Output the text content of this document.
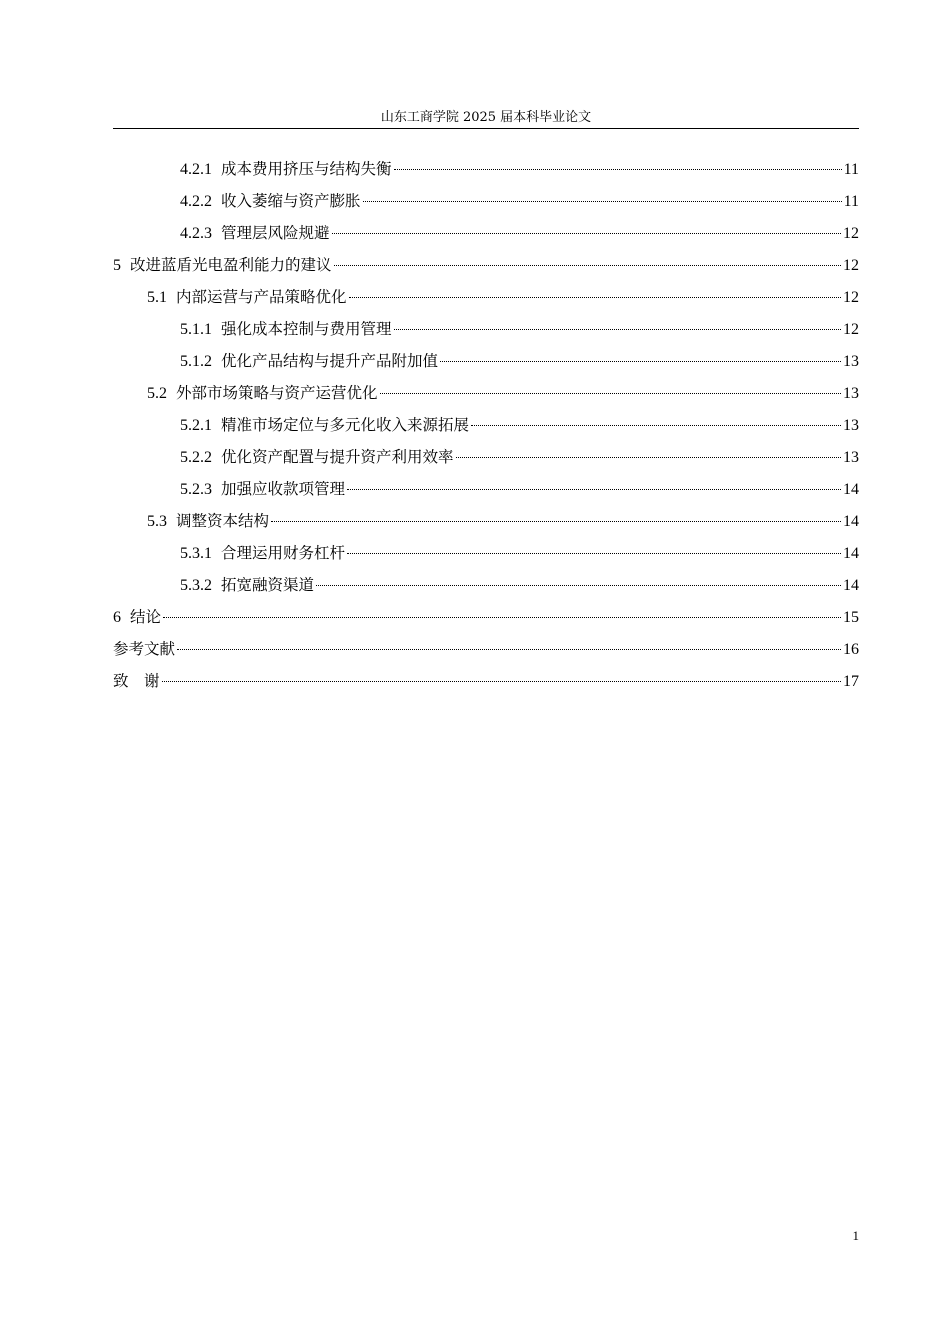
山东工商学院 2025 届本科毕业论文
4.2.1 成本费用挤压与结构失衡	11
4.2.2 收入萎缩与资产膨胀	11
4.2.3 管理层风险规避	12
5 改进蓝盾光电盈利能力的建议	12
5.1 内部运营与产品策略优化	12
5.1.1 强化成本控制与费用管理	12
5.1.2 优化产品结构与提升产品附加值	13
5.2 外部市场策略与资产运营优化	13
5.2.1 精准市场定位与多元化收入来源拓展	13
5.2.2 优化资产配置与提升资产利用效率	13
5.2.3 加强应收款项管理	14
5.3 调整资本结构	14
5.3.1 合理运用财务杠杆	14
5.3.2 拓宽融资渠道	14
6 结论	15
参考文献	16
致　谢	17
1
